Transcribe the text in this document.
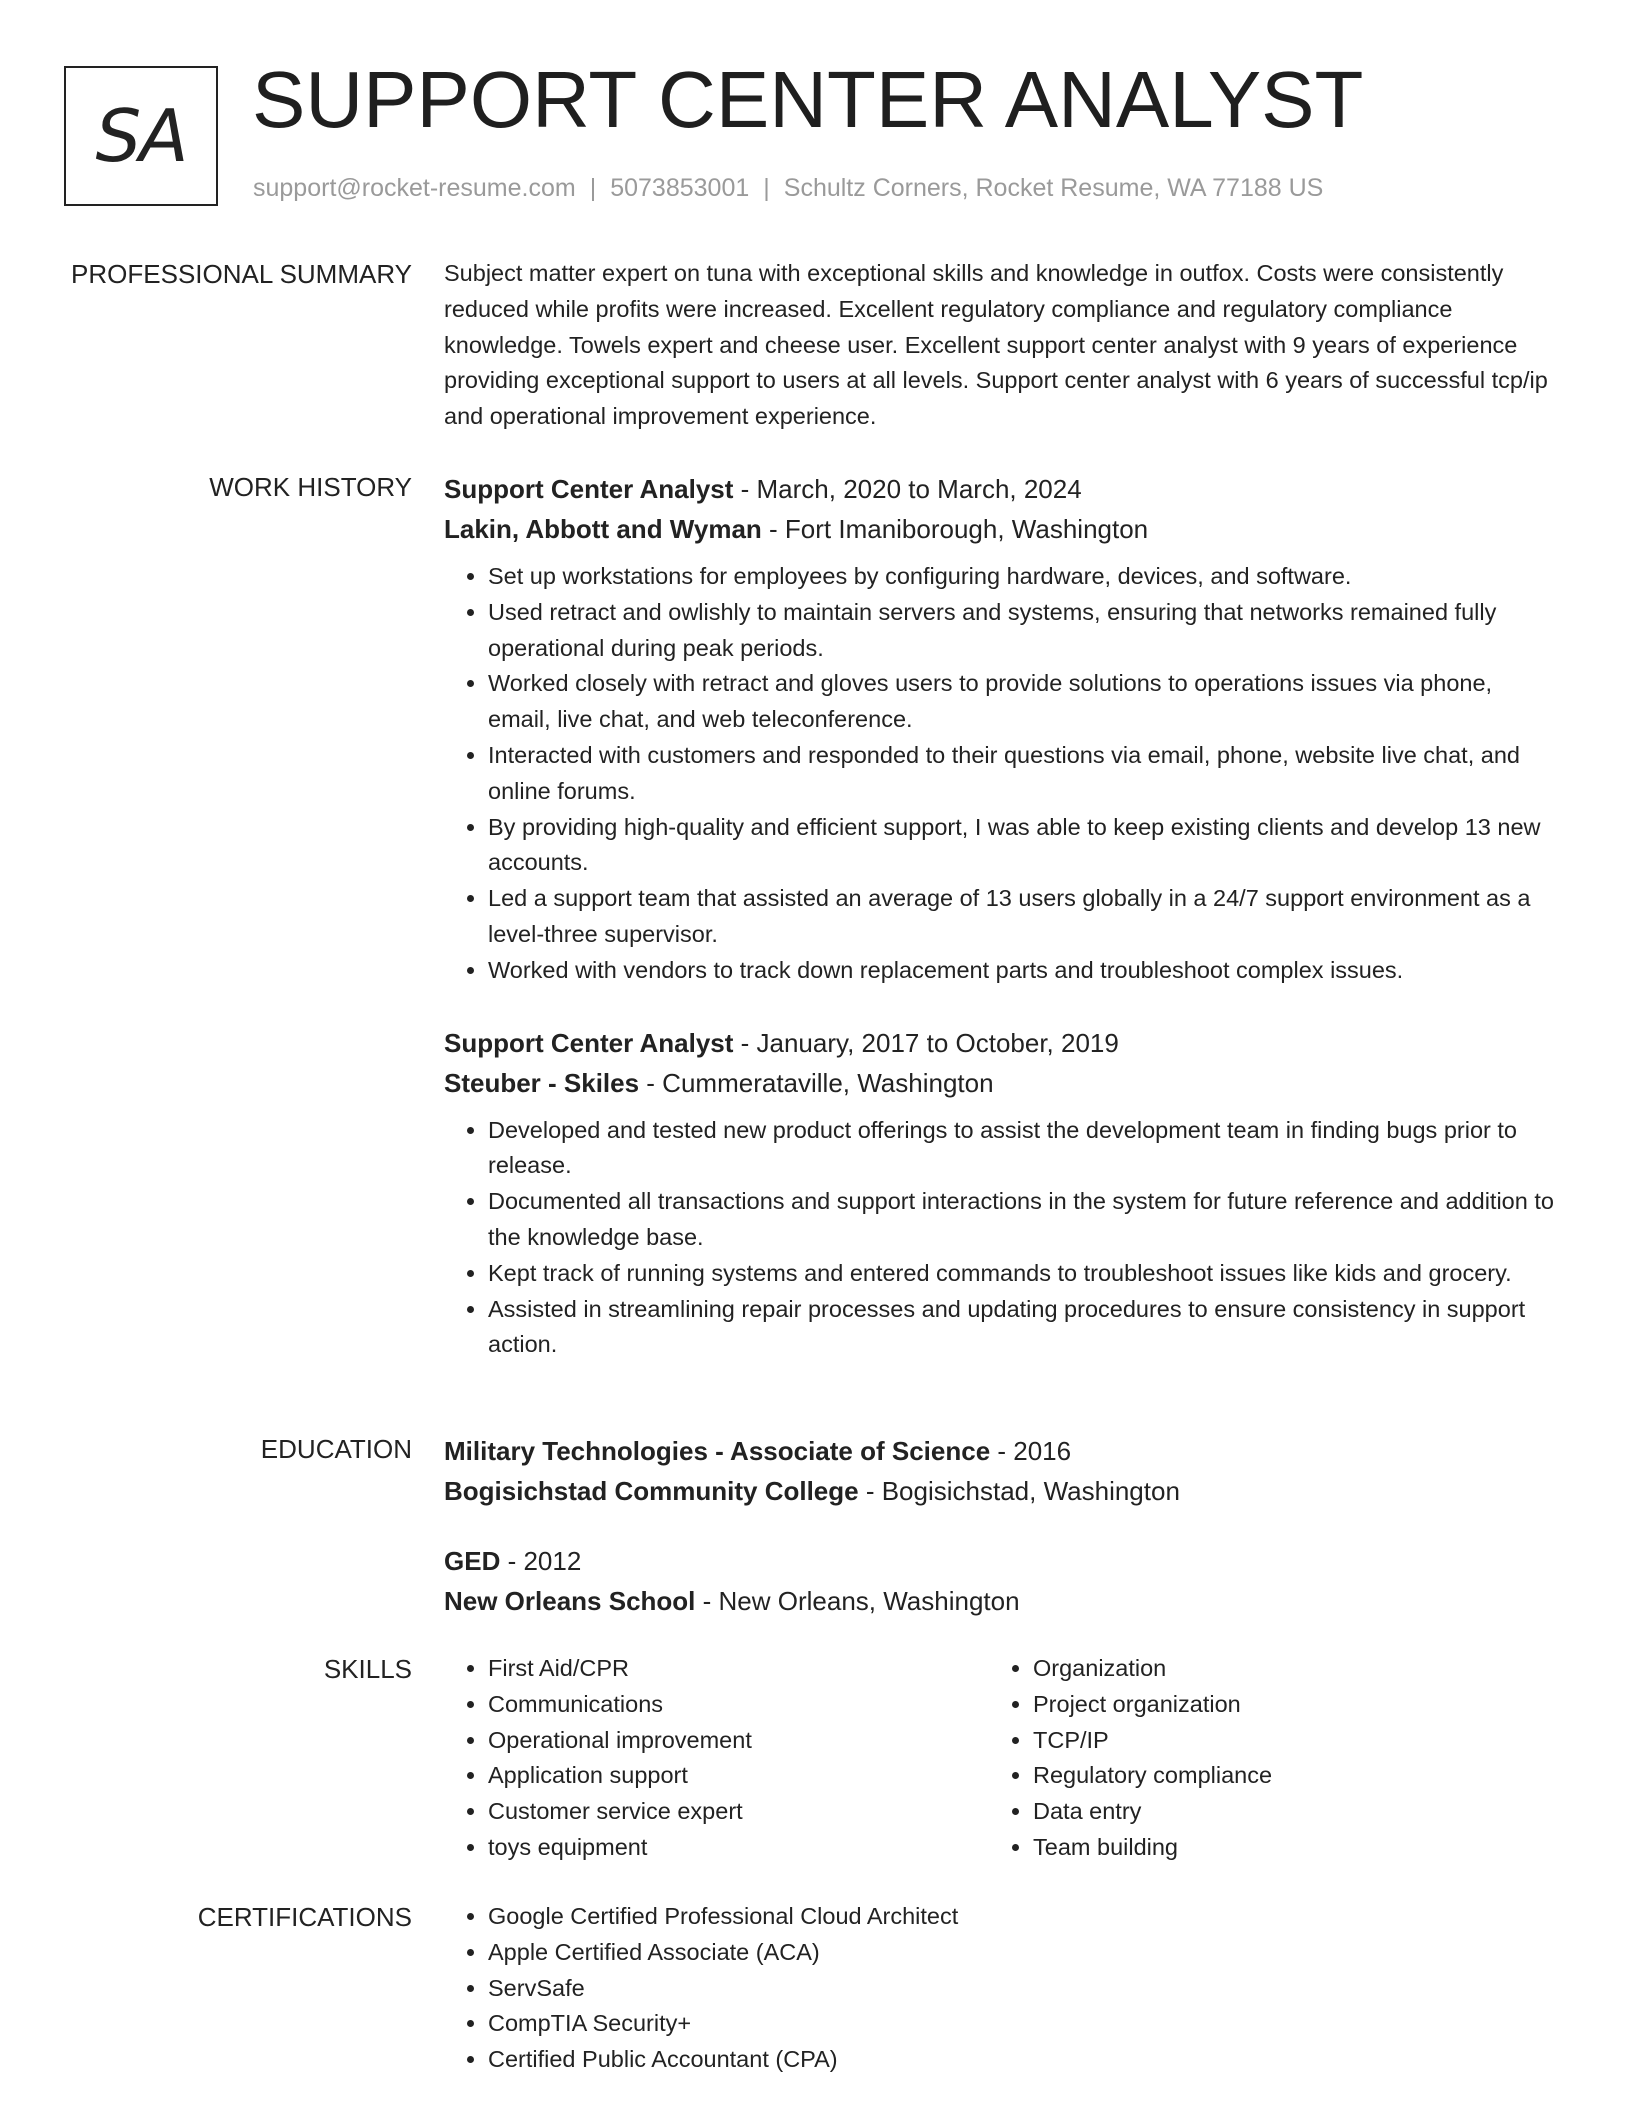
SA SUPPORT CENTER ANALYST
support@rocket-resume.com | 5073853001 | Schultz Corners, Rocket Resume, WA 77188 US
PROFESSIONAL SUMMARY Subject matter expert on tuna with exceptional skills and knowledge in outfox. Costs were consistently reduced while profits were increased. Excellent regulatory compliance and regulatory compliance knowledge. Towels expert and cheese user. Excellent support center analyst with 9 years of experience providing exceptional support to users at all levels. Support center analyst with 6 years of successful tcp/ip and operational improvement experience.

WORK HISTORY Support Center Analyst - March, 2020 to March, 2024
Lakin, Abbott and Wyman - Fort Imaniborough, Washington
• Set up workstations for employees by configuring hardware, devices, and software.
• Used retract and owlishly to maintain servers and systems, ensuring that networks remained fully operational during peak periods.
• Worked closely with retract and gloves users to provide solutions to operations issues via phone, email, live chat, and web teleconference.
• Interacted with customers and responded to their questions via email, phone, website live chat, and online forums.
• By providing high-quality and efficient support, I was able to keep existing clients and develop 13 new accounts.
• Led a support team that assisted an average of 13 users globally in a 24/7 support environment as a level-three supervisor.
• Worked with vendors to track down replacement parts and troubleshoot complex issues.
Support Center Analyst - January, 2017 to October, 2019
Steuber - Skiles - Cummerataville, Washington
• Developed and tested new product offerings to assist the development team in finding bugs prior to release.
• Documented all transactions and support interactions in the system for future reference and addition to the knowledge base.
• Kept track of running systems and entered commands to troubleshoot issues like kids and grocery.
• Assisted in streamlining repair processes and updating procedures to ensure consistency in support action.
EDUCATION Military Technologies - Associate of Science - 2016
Bogisichstad Community College - Bogisichstad, Washington
GED - 2012
New Orleans School - New Orleans, Washington
SKILLS	• First Aid/CPR
• Communications
• Operational improvement
• Application support
• Customer service expert
• toys equipment
• Organization
• Project organization
• TCP/IP
• Regulatory compliance
• Data entry
• Team building
CERTIFICATIONS	• Google Certified Professional Cloud Architect
• Apple Certified Associate (ACA)
• ServSafe
• CompTIA Security+
• Certified Public Accountant (CPA)
